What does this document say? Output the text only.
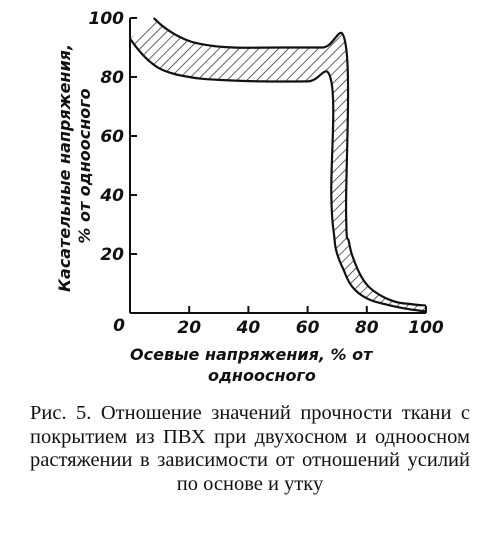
20 40 60 80 100
100
80
60
40
20
0
Осевые напряжения, % от
одноосного
Касательные напряжения, % от одноосного

Рис. 5. Отношение значений прочности ткани с покрытием из ПВХ при двухосном и одноосном растяжении в зависимости от отношений усилий по основе и утку
